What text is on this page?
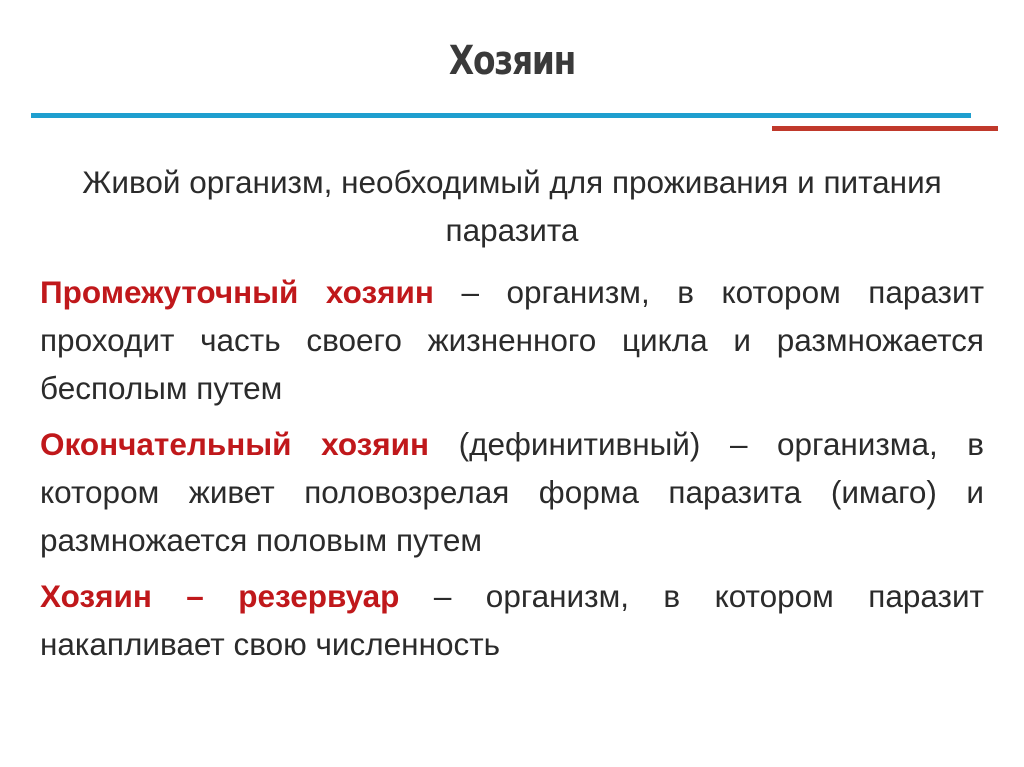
Хозяин

Живой организм, необходимый для проживания и питания паразита

Промежуточный хозяин – организм, в котором паразит проходит часть своего жизненного цикла и размножается бесполым путем

Окончательный хозяин (дефинитивный) – организма, в котором живет половозрелая форма паразита (имаго) и размножается половым путем

Хозяин – резервуар – организм, в котором паразит накапливает свою численность
